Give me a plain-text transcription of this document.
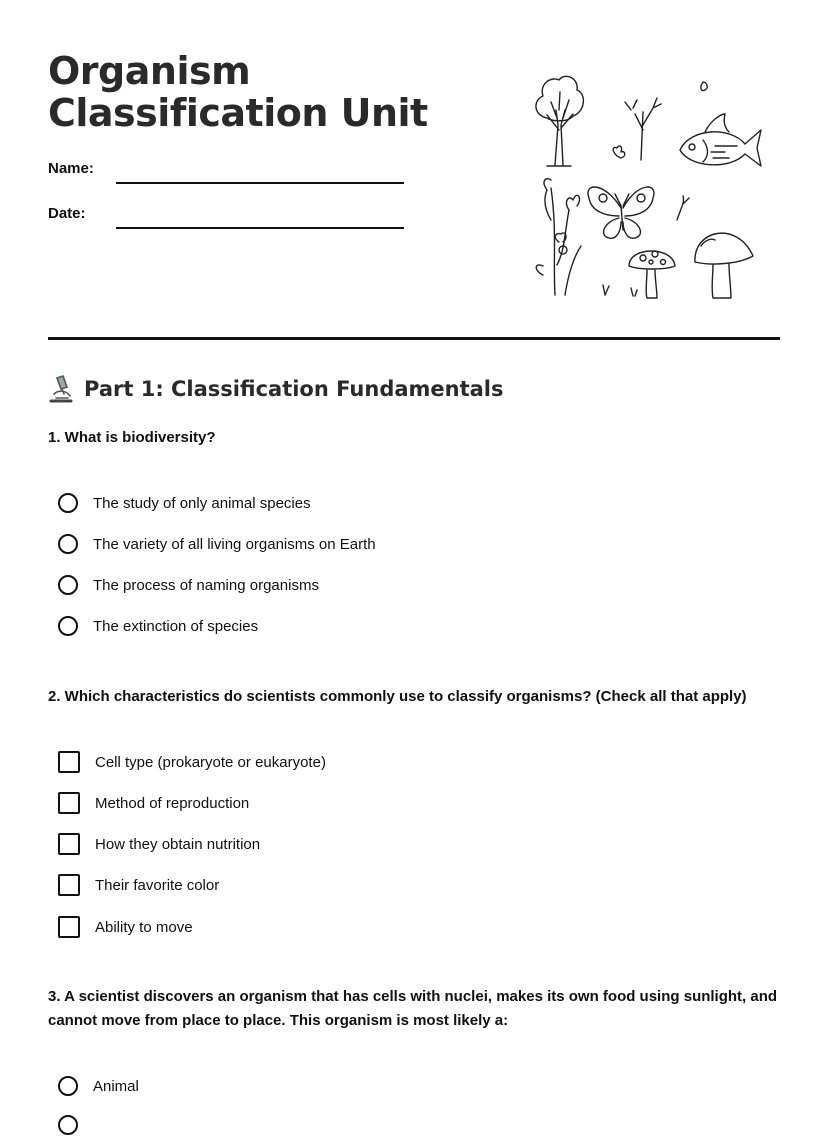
Organism Classification Unit
Name:
Date:
Part 1: Classification Fundamentals

1. What is biodiversity?

The study of only animal species
The variety of all living organisms on Earth
The process of naming organisms
The extinction of species

2. Which characteristics do scientists commonly use to classify organisms? (Check all that apply)

Cell type (prokaryote or eukaryote)
Method of reproduction
How they obtain nutrition
Their favorite color
Ability to move

3. A scientist discovers an organism that has cells with nuclei, makes its own food using sunlight, and cannot move from place to place. This organism is most likely a:

Animal
